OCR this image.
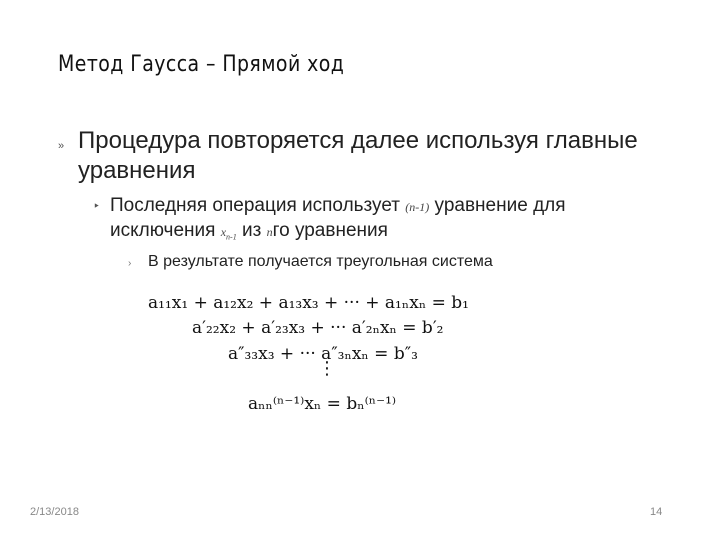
Метод Гаусса – Прямой ход
» Процедура повторяется далее используя главные уравнения
‣ Последняя операция использует (n-1) уравнение для исключения $x_{n-1}$ из nго уравнения
› В результате получается треугольная система
a₁₁x₁ + a₁₂x₂ + a₁₃x₃ + ··· + a₁ₙxₙ = b₁
a′₂₂x₂ + a′₂₃x₃ + ··· a′₂ₙxₙ = b′₂
a″₃₃x₃ + ··· a″₃ₙxₙ = b″₃
⋮
aₙₙ⁽ⁿ⁻¹⁾xₙ = bₙ⁽ⁿ⁻¹⁾
2/13/2018	14
